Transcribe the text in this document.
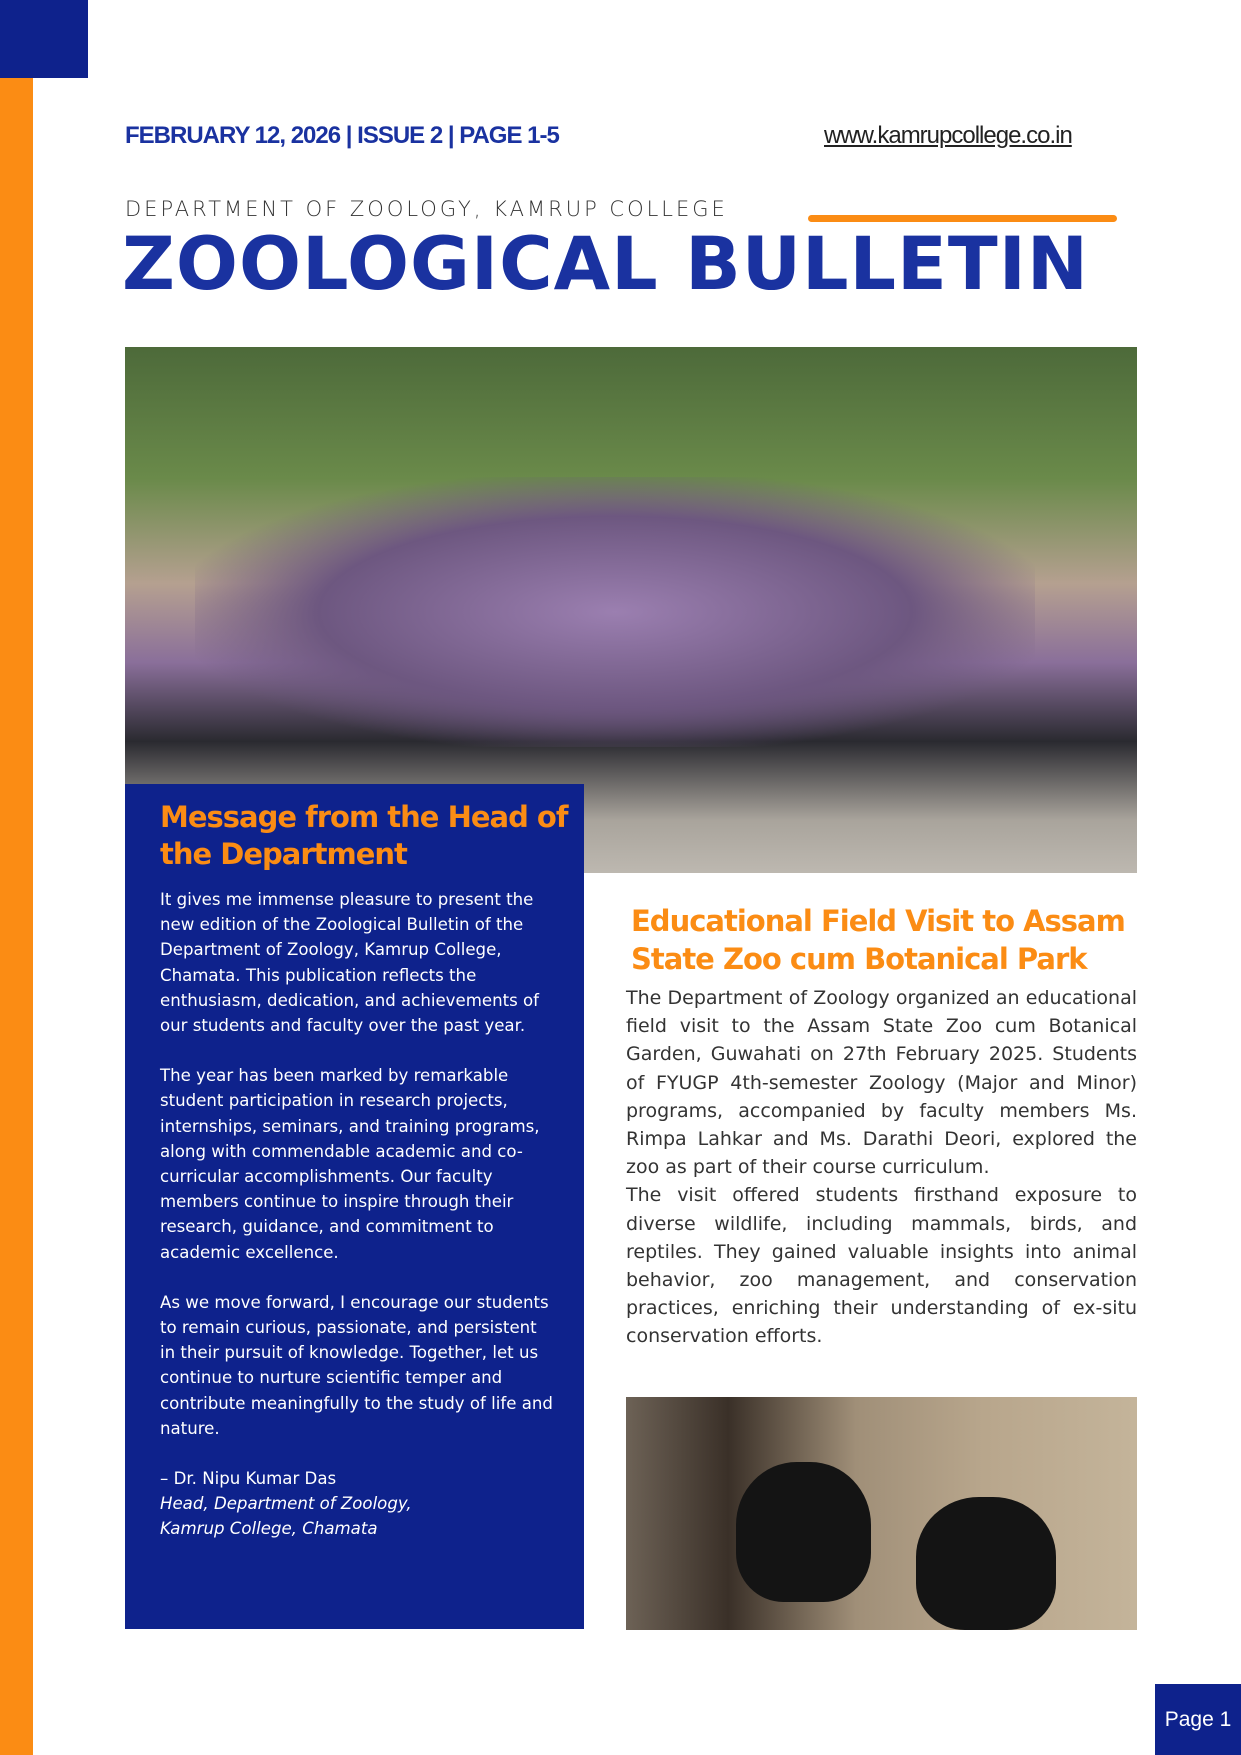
FEBRUARY 12, 2026 | ISSUE 2 | PAGE 1-5	www.kamrupcollege.co.in
DEPARTMENT OF ZOOLOGY, KAMRUP COLLEGE
ZOOLOGICAL BULLETIN
Message from the Head of the Department

It gives me immense pleasure to present the new edition of the Zoological Bulletin of the Department of Zoology, Kamrup College, Chamata. This publication reflects the enthusiasm, dedication, and achievements of our students and faculty over the past year.

The year has been marked by remarkable student participation in research projects, internships, seminars, and training programs, along with commendable academic and co-curricular accomplishments. Our faculty members continue to inspire through their research, guidance, and commitment to academic excellence.

As we move forward, I encourage our students to remain curious, passionate, and persistent in their pursuit of knowledge. Together, let us continue to nurture scientific temper and contribute meaningfully to the study of life and nature.

– Dr. Nipu Kumar Das

Head, Department of Zoology,

Kamrup College, Chamata

Educational Field Visit to Assam State Zoo cum Botanical Park

The Department of Zoology organized an educational field visit to the Assam State Zoo cum Botanical Garden, Guwahati on 27th February 2025. Students of FYUGP 4th-semester Zoology (Major and Minor) programs, accompanied by faculty members Ms. Rimpa Lahkar and Ms. Darathi Deori, explored the zoo as part of their course curriculum.

The visit offered students firsthand exposure to diverse wildlife, including mammals, birds, and reptiles. They gained valuable insights into animal behavior, zoo management, and conservation practices, enriching their understanding of ex-situ conservation efforts.

Page 1
